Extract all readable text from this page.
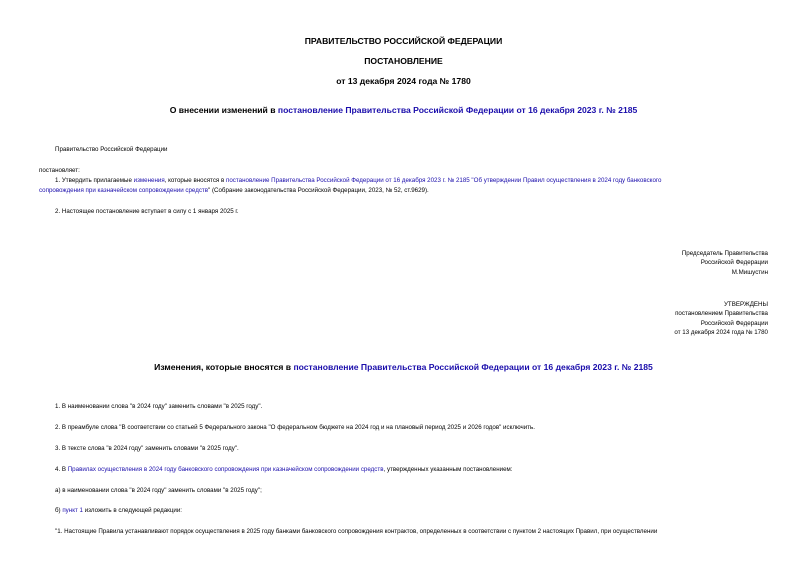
ПРАВИТЕЛЬСТВО РОССИЙСКОЙ ФЕДЕРАЦИИ
ПОСТАНОВЛЕНИЕ
от 13 декабря 2024 года № 1780
О внесении изменений в постановление Правительства Российской Федерации от 16 декабря 2023 г. № 2185
Правительство Российской Федерации
постановляет:
1. Утвердить прилагаемые изменения, которые вносятся в постановление Правительства Российской Федерации от 16 декабря 2023 г. № 2185 "Об утверждении Правил осуществления в 2024 году банковского
сопровождения при казначейском сопровождении средств" (Собрание законодательства Российской Федерации, 2023, № 52, ст.9629).
2. Настоящее постановление вступает в силу с 1 января 2025 г.
Председатель Правительства
Российской Федерации
М.Мишустин
УТВЕРЖДЕНЫ
постановлением Правительства
Российской Федерации
от 13 декабря 2024 года № 1780
Изменения, которые вносятся в постановление Правительства Российской Федерации от 16 декабря 2023 г. № 2185
1. В наименовании слова "в 2024 году" заменить словами "в 2025 году".
2. В преамбуле слова "В соответствии со статьей 5 Федерального закона "О федеральном бюджете на 2024 год и на плановый период 2025 и 2026 годов" исключить.
3. В тексте слова "в 2024 году" заменить словами "в 2025 году".
4. В Правилах осуществления в 2024 году банковского сопровождения при казначейском сопровождении средств, утвержденных указанным постановлением:
а) в наименовании слова "в 2024 году" заменить словами "в 2025 году";
б) пункт 1 изложить в следующей редакции:
"1. Настоящие Правила устанавливают порядок осуществления в 2025 году банками банковского сопровождения контрактов, определенных в соответствии с пунктом 2 настоящих Правил, при осуществлении
